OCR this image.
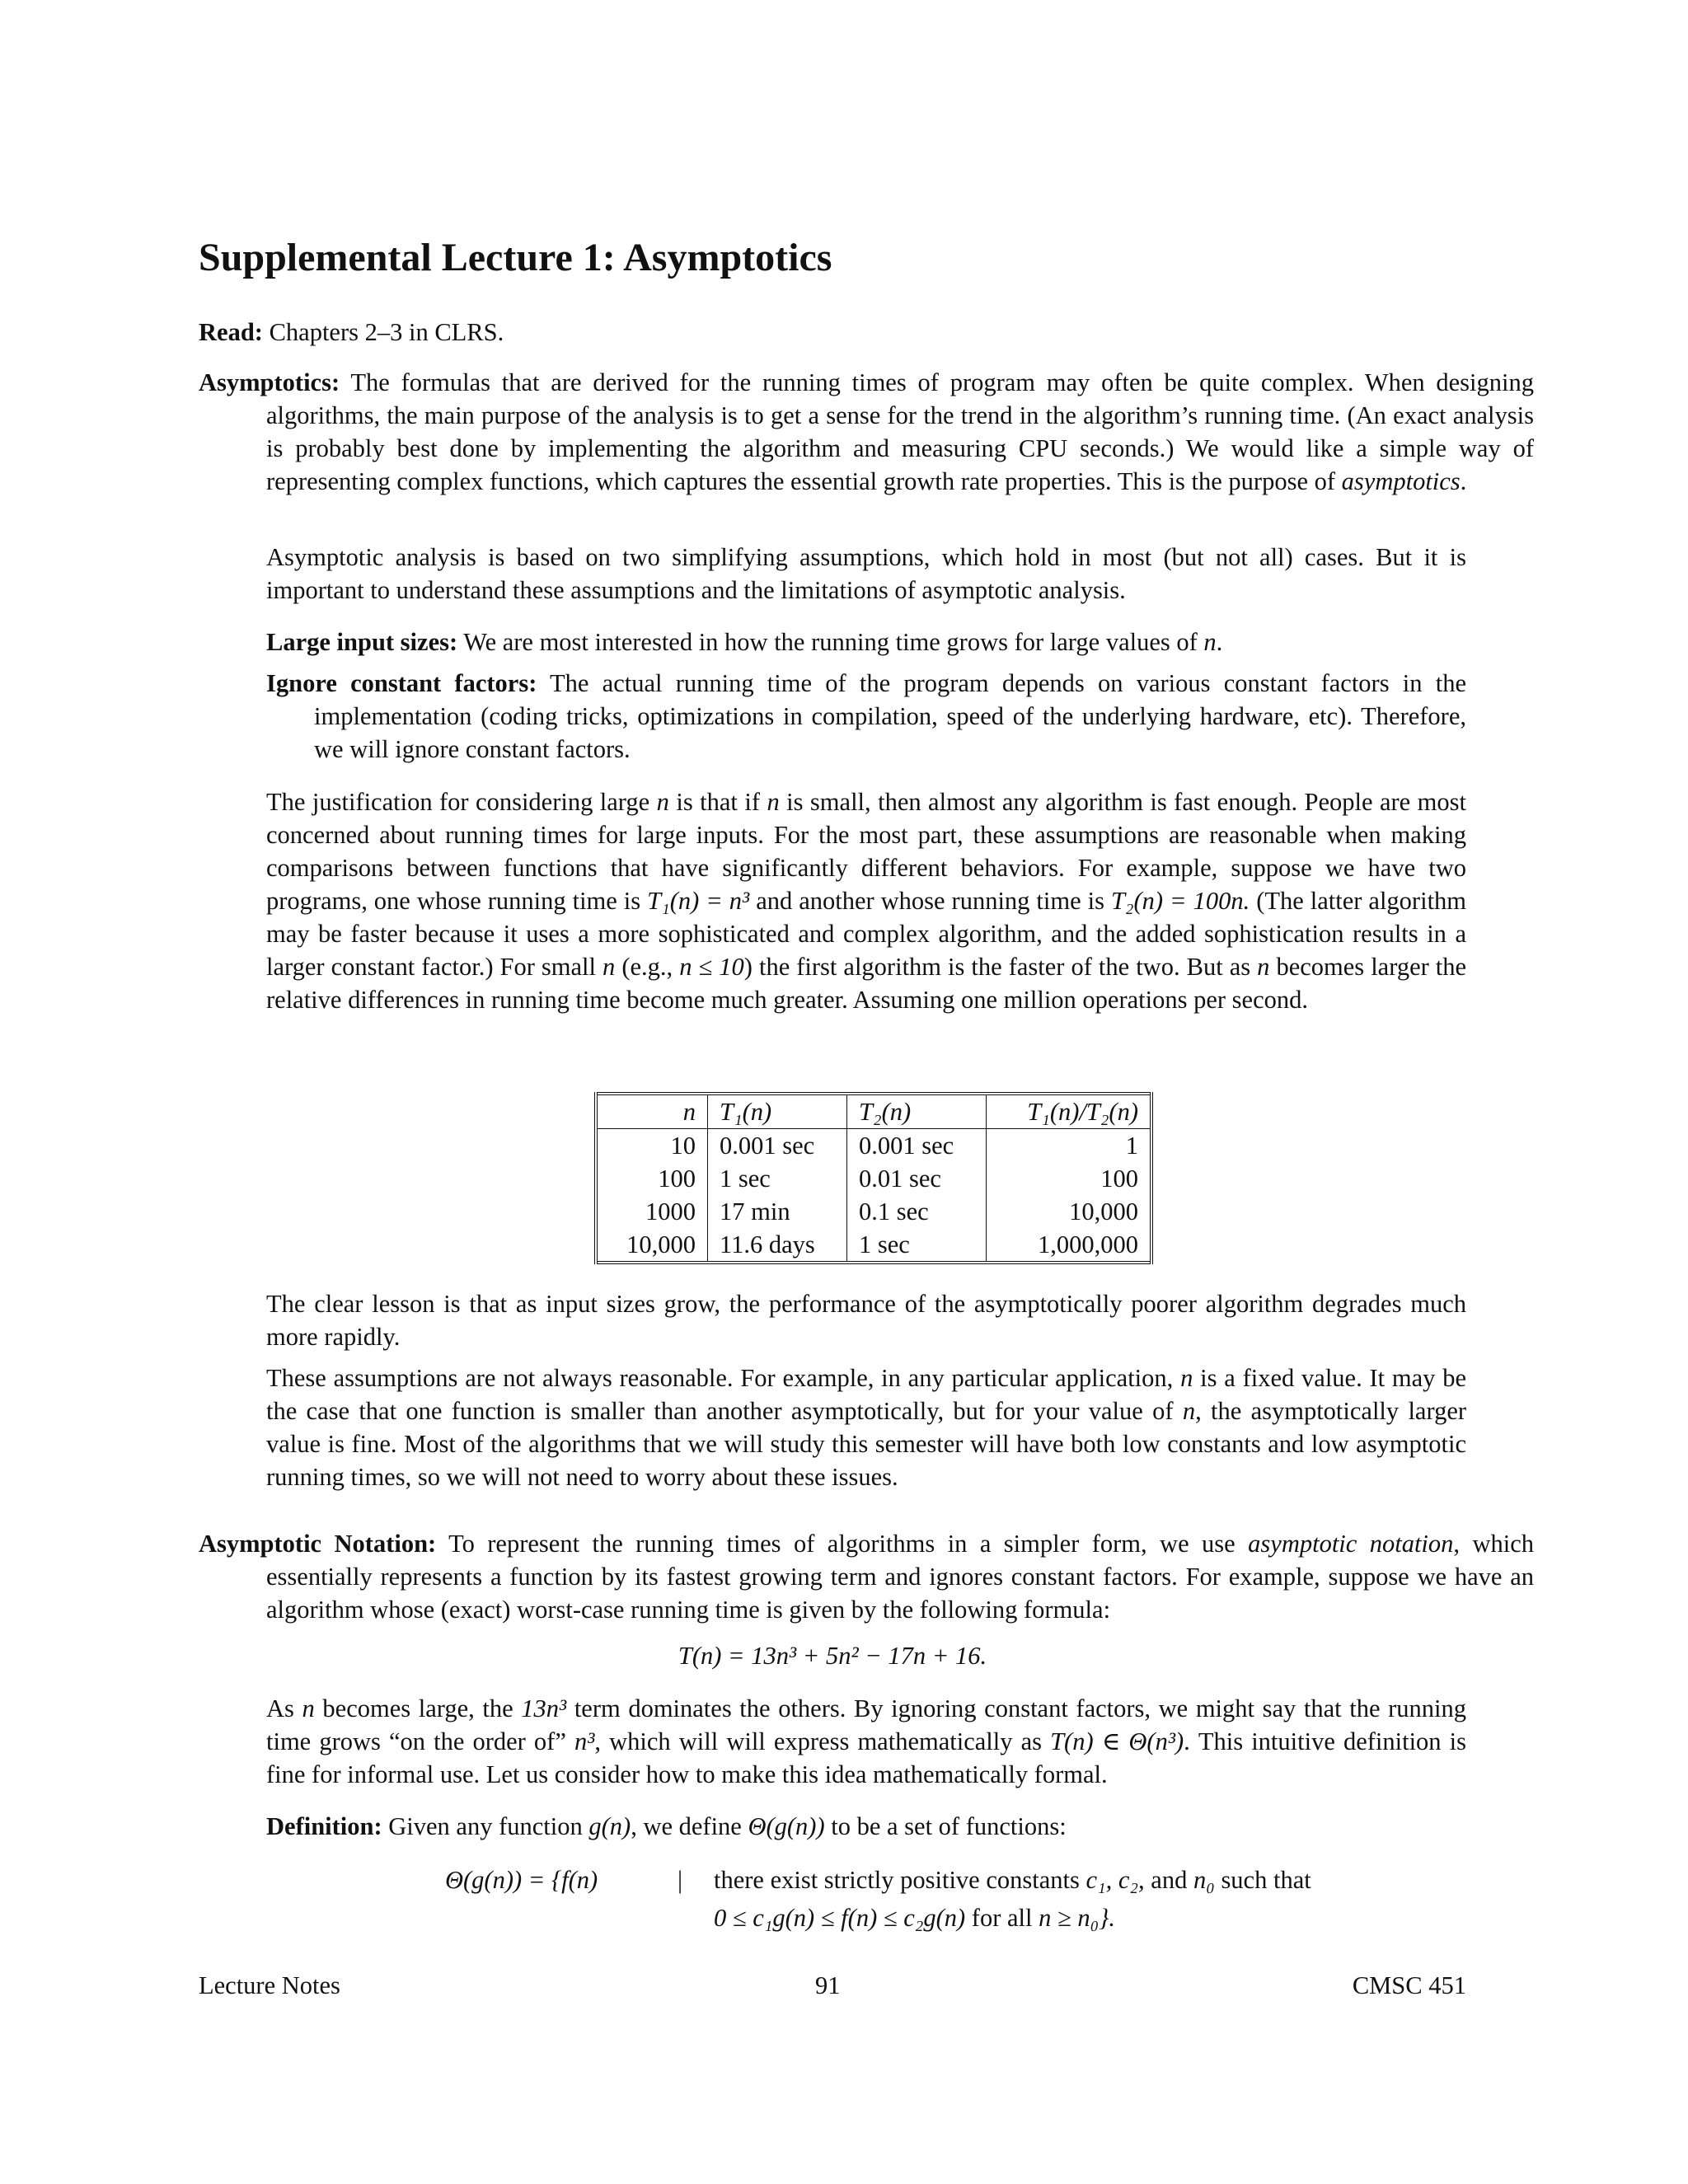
Supplemental Lecture 1: Asymptotics

Read: Chapters 2–3 in CLRS.

Asymptotics: The formulas that are derived for the running times of program may often be quite complex. When designing algorithms, the main purpose of the analysis is to get a sense for the trend in the algorithm’s running time. (An exact analysis is probably best done by implementing the algorithm and measuring CPU seconds.) We would like a simple way of representing complex functions, which captures the essential growth rate properties. This is the purpose of asymptotics.

Asymptotic analysis is based on two simplifying assumptions, which hold in most (but not all) cases. But it is important to understand these assumptions and the limitations of asymptotic analysis.

Large input sizes: We are most interested in how the running time grows for large values of n.

Ignore constant factors: The actual running time of the program depends on various constant factors in the implementation (coding tricks, optimizations in compilation, speed of the underlying hardware, etc). Therefore, we will ignore constant factors.

The justification for considering large n is that if n is small, then almost any algorithm is fast enough. People are most concerned about running times for large inputs. For the most part, these assumptions are reasonable when making comparisons between functions that have significantly different behaviors. For example, suppose we have two programs, one whose running time is T₁(n) = n³ and another whose running time is T₂(n) = 100n. (The latter algorithm may be faster because it uses a more sophisticated and complex algorithm, and the added sophistication results in a larger constant factor.) For small n (e.g., n ≤ 10) the first algorithm is the faster of the two. But as n becomes larger the relative differences in running time become much greater. Assuming one million operations per second.

n	T₁(n)	T₂(n)	T₁(n)/T₂(n)
10	0.001 sec	0.001 sec	1
100	1 sec	0.01 sec	100
1000	17 min	0.1 sec	10,000
10,000	11.6 days	1 sec	1,000,000

The clear lesson is that as input sizes grow, the performance of the asymptotically poorer algorithm degrades much more rapidly.

These assumptions are not always reasonable. For example, in any particular application, n is a fixed value. It may be the case that one function is smaller than another asymptotically, but for your value of n, the asymptotically larger value is fine. Most of the algorithms that we will study this semester will have both low constants and low asymptotic running times, so we will not need to worry about these issues.

Asymptotic Notation: To represent the running times of algorithms in a simpler form, we use asymptotic notation, which essentially represents a function by its fastest growing term and ignores constant factors. For example, suppose we have an algorithm whose (exact) worst-case running time is given by the following formula:

T(n) = 13n³ + 5n² − 17n + 16.

As n becomes large, the 13n³ term dominates the others. By ignoring constant factors, we might say that the running time grows “on the order of” n³, which will will express mathematically as T(n) ∈ Θ(n³). This intuitive definition is fine for informal use. Let us consider how to make this idea mathematically formal.

Definition: Given any function g(n), we define Θ(g(n)) to be a set of functions:

Θ(g(n)) = {f(n)	| there exist strictly positive constants c₁, c₂, and n₀ such that
0 ≤ c₁g(n) ≤ f(n) ≤ c₂g(n) for all n ≥ n₀}.
Lecture Notes	91	CMSC 451
